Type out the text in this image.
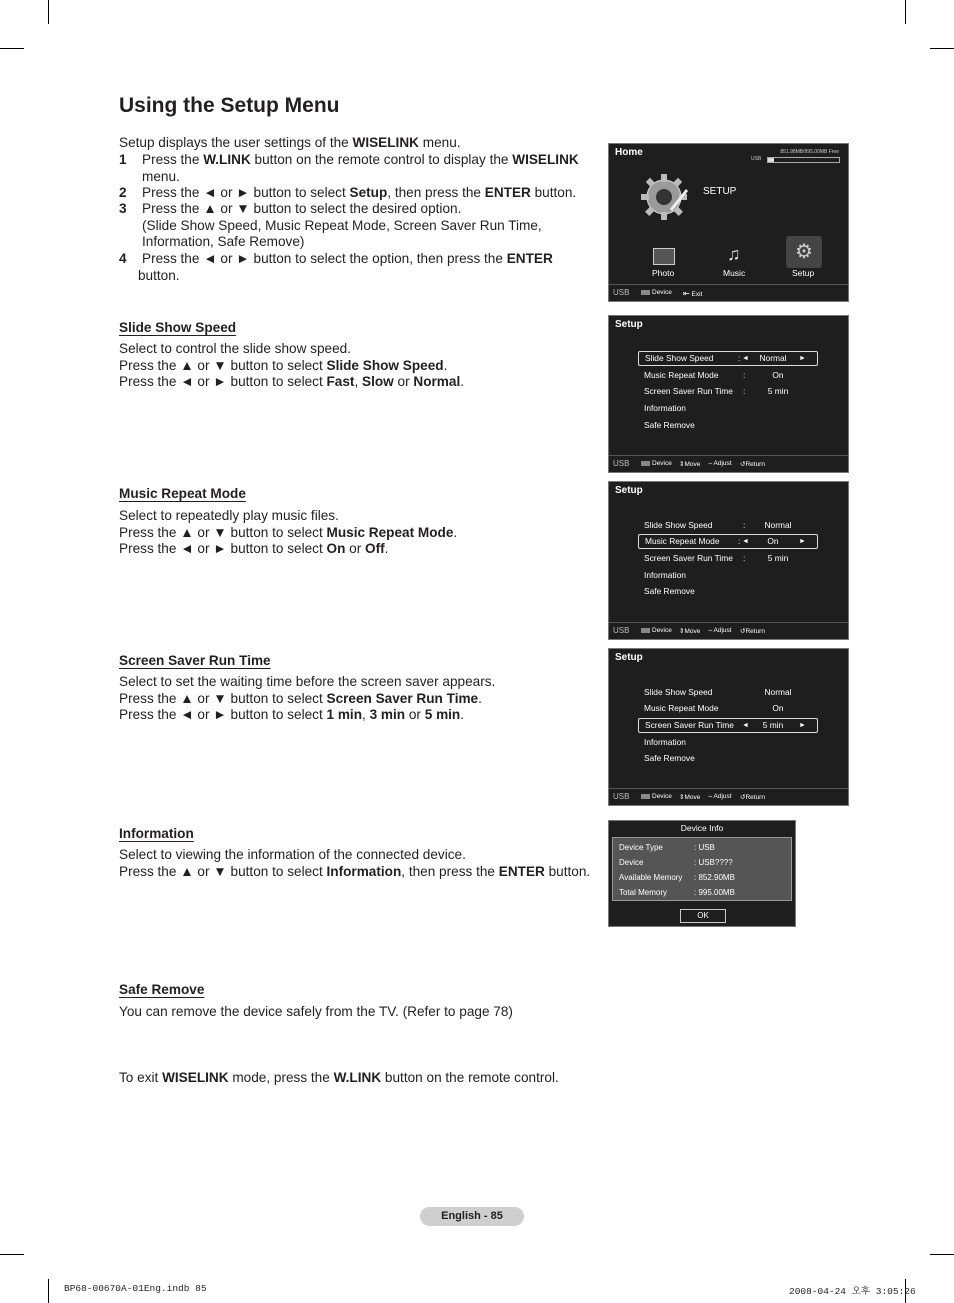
Using the Setup Menu
Setup displays the user settings of the WISELINK menu.
1 Press the W.LINK button on the remote control to display the WISELINK
menu.
2 Press the ◄ or ► button to select Setup, then press the ENTER button.
3 Press the ▲ or ▼ button to select the desired option.
(Slide Show Speed, Music Repeat Mode, Screen Saver Run Time, Information, Safe Remove)
4 Press the ◄ or ► button to select the option, then press the ENTER
button.
Slide Show Speed
Select to control the slide show speed.
Press the ▲ or ▼ button to select Slide Show Speed.
Press the ◄ or ► button to select Fast, Slow or Normal.
Music Repeat Mode
Select to repeatedly play music files.
Press the ▲ or ▼ button to select Music Repeat Mode.
Press the ◄ or ► button to select On or Off.
Screen Saver Run Time
Select to set the waiting time before the screen saver appears.
Press the ▲ or ▼ button to select Screen Saver Run Time.
Press the ◄ or ► button to select 1 min, 3 min or 5 min.
Information
Select to viewing the information of the connected device.
Press the ▲ or ▼ button to select Information, then press the ENTER button.
Safe Remove
You can remove the device safely from the TV. (Refer to page 78)
To exit WISELINK mode, press the W.LINK button on the remote control.
Home	851.98MB/995.00MB Free
USB
SETUP
Photo
♫
Music
⚙
Setup
USB	Device ⇤ Exit
Setup
Slide Show Speed	: ◄	Normal	►
Music Repeat Mode	:	On
Screen Saver Run Time :	5 min
Information
Safe Remove
USB	Device ⇕Move ⇔Adjust ↺Return
Setup
Slide Show Speed	:	Normal
Music Repeat Mode : ◄	On	►
Screen Saver Run Time :	5 min
Information
Safe Remove
USB	Device ⇕Move ⇔Adjust ↺Return
Setup
Slide Show Speed	Normal
Music Repeat Mode	On
Screen Saver Run Time ◄	5 min	►
Information
Safe Remove
USB	Device ⇕Move ⇔Adjust ↺Return
Device Info
Device Type	: USB
Device	: USB????
Available Memory : 852.90MB
Total Memory	: 995.00MB
OK
English - 85
BP68-00670A-01Eng.indb 85	2008-04-24 오후 3:05:26
